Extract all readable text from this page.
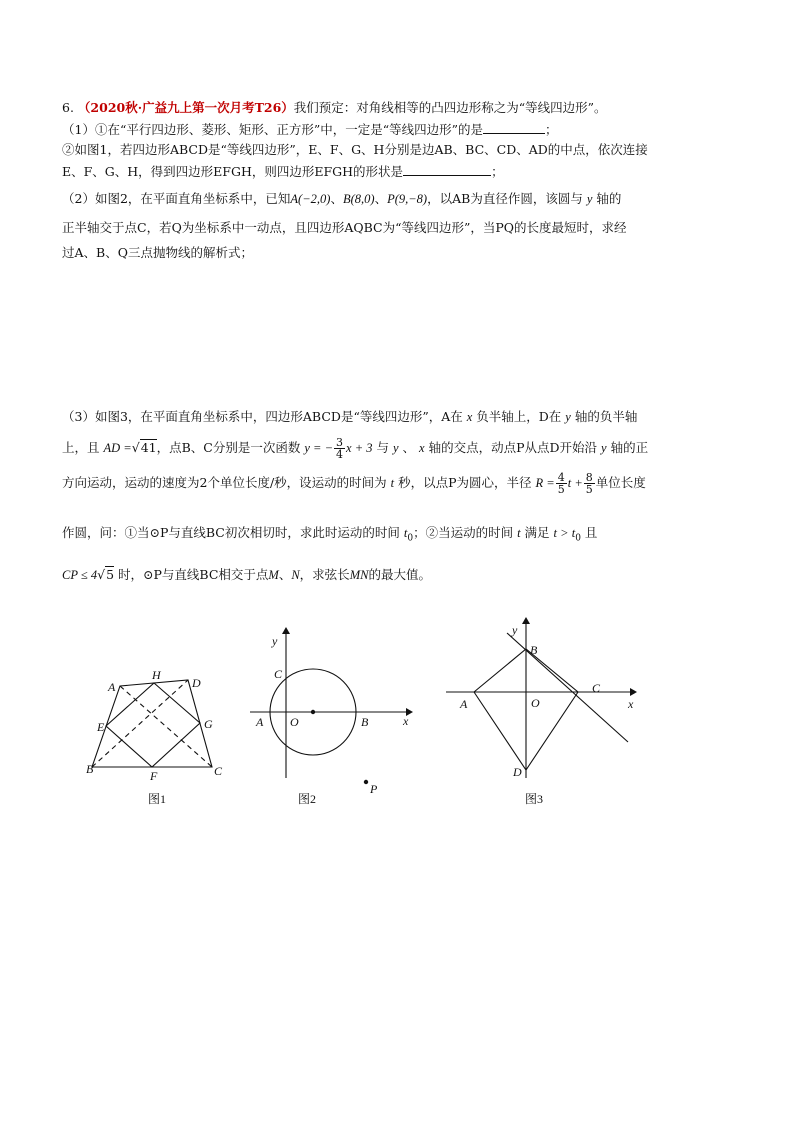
6. （2020秋·广益九上第一次月考T26）我们预定：对角线相等的凸四边形称之为“等线四边形”。
（1）①在“平行四边形、菱形、矩形、正方形”中，一定是“等线四边形”的是	；
②如图1，若四边形ABCD是“等线四边形”，E、F、G、H分别是边AB、BC、CD、AD的中点，依次连接
E、F、G、H，得到四边形EFGH，则四边形EFGH的形状是	；
（2）如图2，在平面直角坐标系中，已知A(−2,0)、B(8,0)、P(9,−8)，以AB为直径作圆，该圆与 y 轴的
正半轴交于点C，若Q为坐标系中一动点，且四边形AQBC为“等线四边形”，当PQ的长度最短时，求经
过A、B、Q三点抛物线的解析式；
（3）如图3，在平面直角坐标系中，四边形ABCD是“等线四边形”，A在 x 负半轴上，D在 y 轴的负半轴
上，且 AD =√41，点B、C分别是一次函数 y = − $\frac{3}{4}$ x + 3 与 y 、 x 轴的交点，动点P从点D开始沿 y 轴的正
方向运动，运动的速度为2个单位长度/秒，设运动的时间为 t 秒，以点P为圆心，半径 $R = \frac{4}{5}$ $t + \frac{8}{5}$ 单位长度
作圆，问：①当⊙P与直线BC初次相切时，求此时运动的时间 $t_0$；②当运动的时间 t 满足 $t > t_0$ 且
CP ≤ 4√5 时，⊙P与直线BC相交于点M、N，求弦长MN的最大值。
A
H
D
E	G
B	F	C
图1
y
x
C
A O	B
P
图2
y
x
B
A	O
C
D
图3
